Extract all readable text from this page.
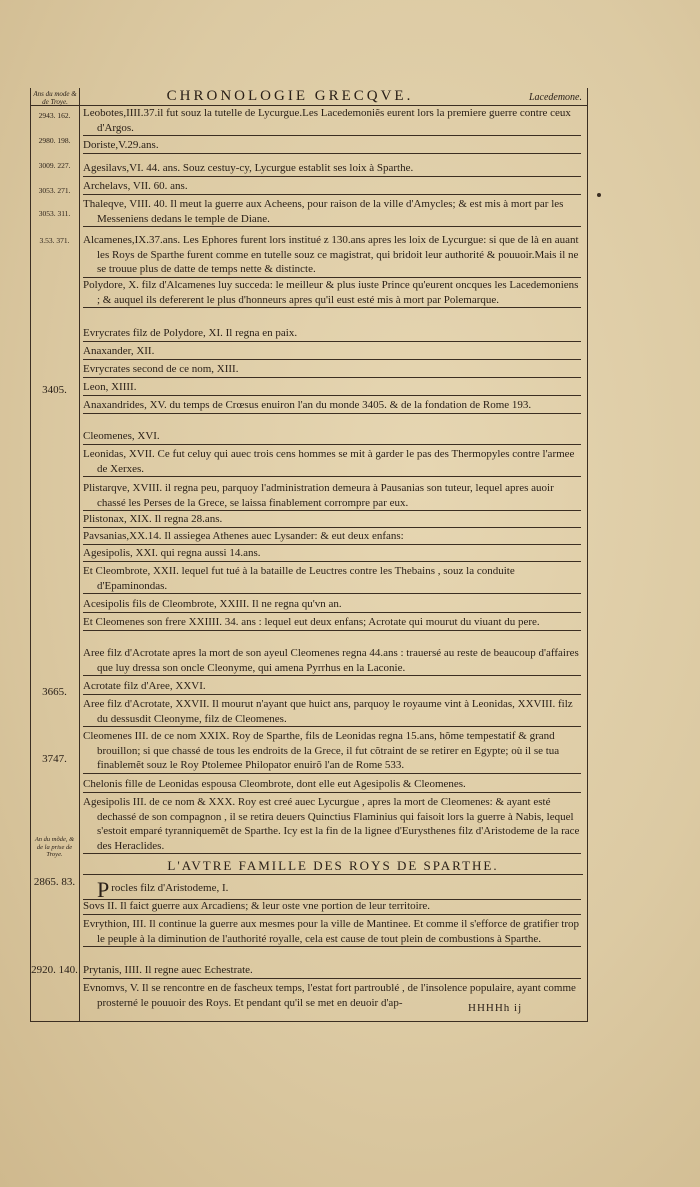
Ans du mode & de Troye.	CHRONOLOGIE GRECQVE.	Lacedemone.
2943. 162.
2980. 198.
3009. 227.
3053. 271.
3053. 311.
3.53. 371.
3405.
3665.
3747.
An du mõde, & de la prise de Troye.
2865. 83.
2920. 140.
Leobotes,IIII.37.il fut souz la tutelle de Lycurgue.Les Lacedemoniẽs eurent lors la premiere guerre contre ceux d'Argos.
Doriste,V.29.ans.
Agesilavs,VI. 44. ans. Souz cestuy-cy, Lycurgue establit ses loix à Sparthe.
Archelavs, VII. 60. ans.
Thaleqve, VIII. 40. Il meut la guerre aux Acheens, pour raison de la ville d'Amycles; & est mis à mort par les Messeniens dedans le temple de Diane.
Alcamenes,IX.37.ans. Les Ephores furent lors institué z 130.ans apres les loix de Lycurgue: si que de là en auant les Roys de Sparthe furent comme en tutelle souz ce magistrat, qui bridoit leur authorité & pouuoir.Mais il ne se trouue plus de datte de temps nette & distincte.
Polydore, X. filz d'Alcamenes luy succeda: le meilleur & plus iuste Prince qu'eurent oncques les Lacedemoniens ; & auquel ils defererent le plus d'honneurs apres qu'il eust esté mis à mort par Polemarque.
Evrycrates filz de Polydore, XI. Il regna en paix.
Anaxander, XII.
Evrycrates second de ce nom, XIII.
Leon, XIIII.
Anaxandrides, XV. du temps de Crœsus enuiron l'an du monde 3405. & de la fondation de Rome 193.
Cleomenes, XVI.
Leonidas, XVII. Ce fut celuy qui auec trois cens hommes se mit à garder le pas des Thermopyles contre l'armee de Xerxes.
Plistarqve, XVIII. il regna peu, parquoy l'administration demeura à Pausanias son tuteur, lequel apres auoir chassé les Perses de la Grece, se laissa finablement corrompre par eux.
Plistonax, XIX. Il regna 28.ans.
Pavsanias,XX.14. Il assiegea Athenes auec Lysander: & eut deux enfans:
Agesipolis, XXI. qui regna aussi 14.ans.
Et Cleombrote, XXII. lequel fut tué à la bataille de Leuctres contre les Thebains , souz la conduite d'Epaminondas.
Acesipolis fils de Cleombrote, XXIII. Il ne regna qu'vn an.
Et Cleomenes son frere XXIIII. 34. ans : lequel eut deux enfans; Acrotate qui mourut du viuant du pere.
Aree filz d'Acrotate apres la mort de son ayeul Cleomenes regna 44.ans : trauersé au reste de beaucoup d'affaires que luy dressa son oncle Cleonyme, qui amena Pyrrhus en la Laconie.
Acrotate filz d'Aree, XXVI.
Aree filz d'Acrotate, XXVII. Il mourut n'ayant que huict ans, parquoy le royaume vint à Leonidas, XXVIII. filz du dessusdit Cleonyme, filz de Cleomenes.
Cleomenes III. de ce nom XXIX. Roy de Sparthe, fils de Leonidas regna 15.ans, hõme tempestatif & grand brouillon; si que chassé de tous les endroits de la Grece, il fut cõtraint de se retirer en Egypte; où il se tua finablemẽt souz le Roy Ptolemee Philopator enuirõ l'an de Rome 533.
Chelonis fille de Leonidas espousa Cleombrote, dont elle eut Agesipolis & Cleomenes.
Agesipolis III. de ce nom & XXX. Roy est creé auec Lycurgue , apres la mort de Cleomenes: & ayant esté dechassé de son compagnon , il se retira deuers Quinctius Flaminius qui faisoit lors la guerre à Nabis, lequel s'estoit emparé tyranniquemẽt de Sparthe. Icy est la fin de la lignee d'Eurysthenes filz d'Aristodeme de la race des Heraclides.
Procles filz d'Aristodeme, I.
Sovs II. Il faict guerre aux Arcadiens; & leur oste vne portion de leur territoire.
Evrythion, III. Il continue la guerre aux mesmes pour la ville de Mantinee. Et comme il s'efforce de gratifier trop le peuple à la diminution de l'authorité royalle, cela est cause de tout plein de combustions à Sparthe.
Prytanis, IIII. Il regne auec Echestrate.
Evnomvs, V. Il se rencontre en de fascheux temps, l'estat fort partroublé , de l'insolence populaire, ayant comme prosterné le pouuoir des Roys. Et pendant qu'il se met en deuoir d'ap-
L'AVTRE FAMILLE DES ROYS DE SPARTHE.
HHHHh ij
